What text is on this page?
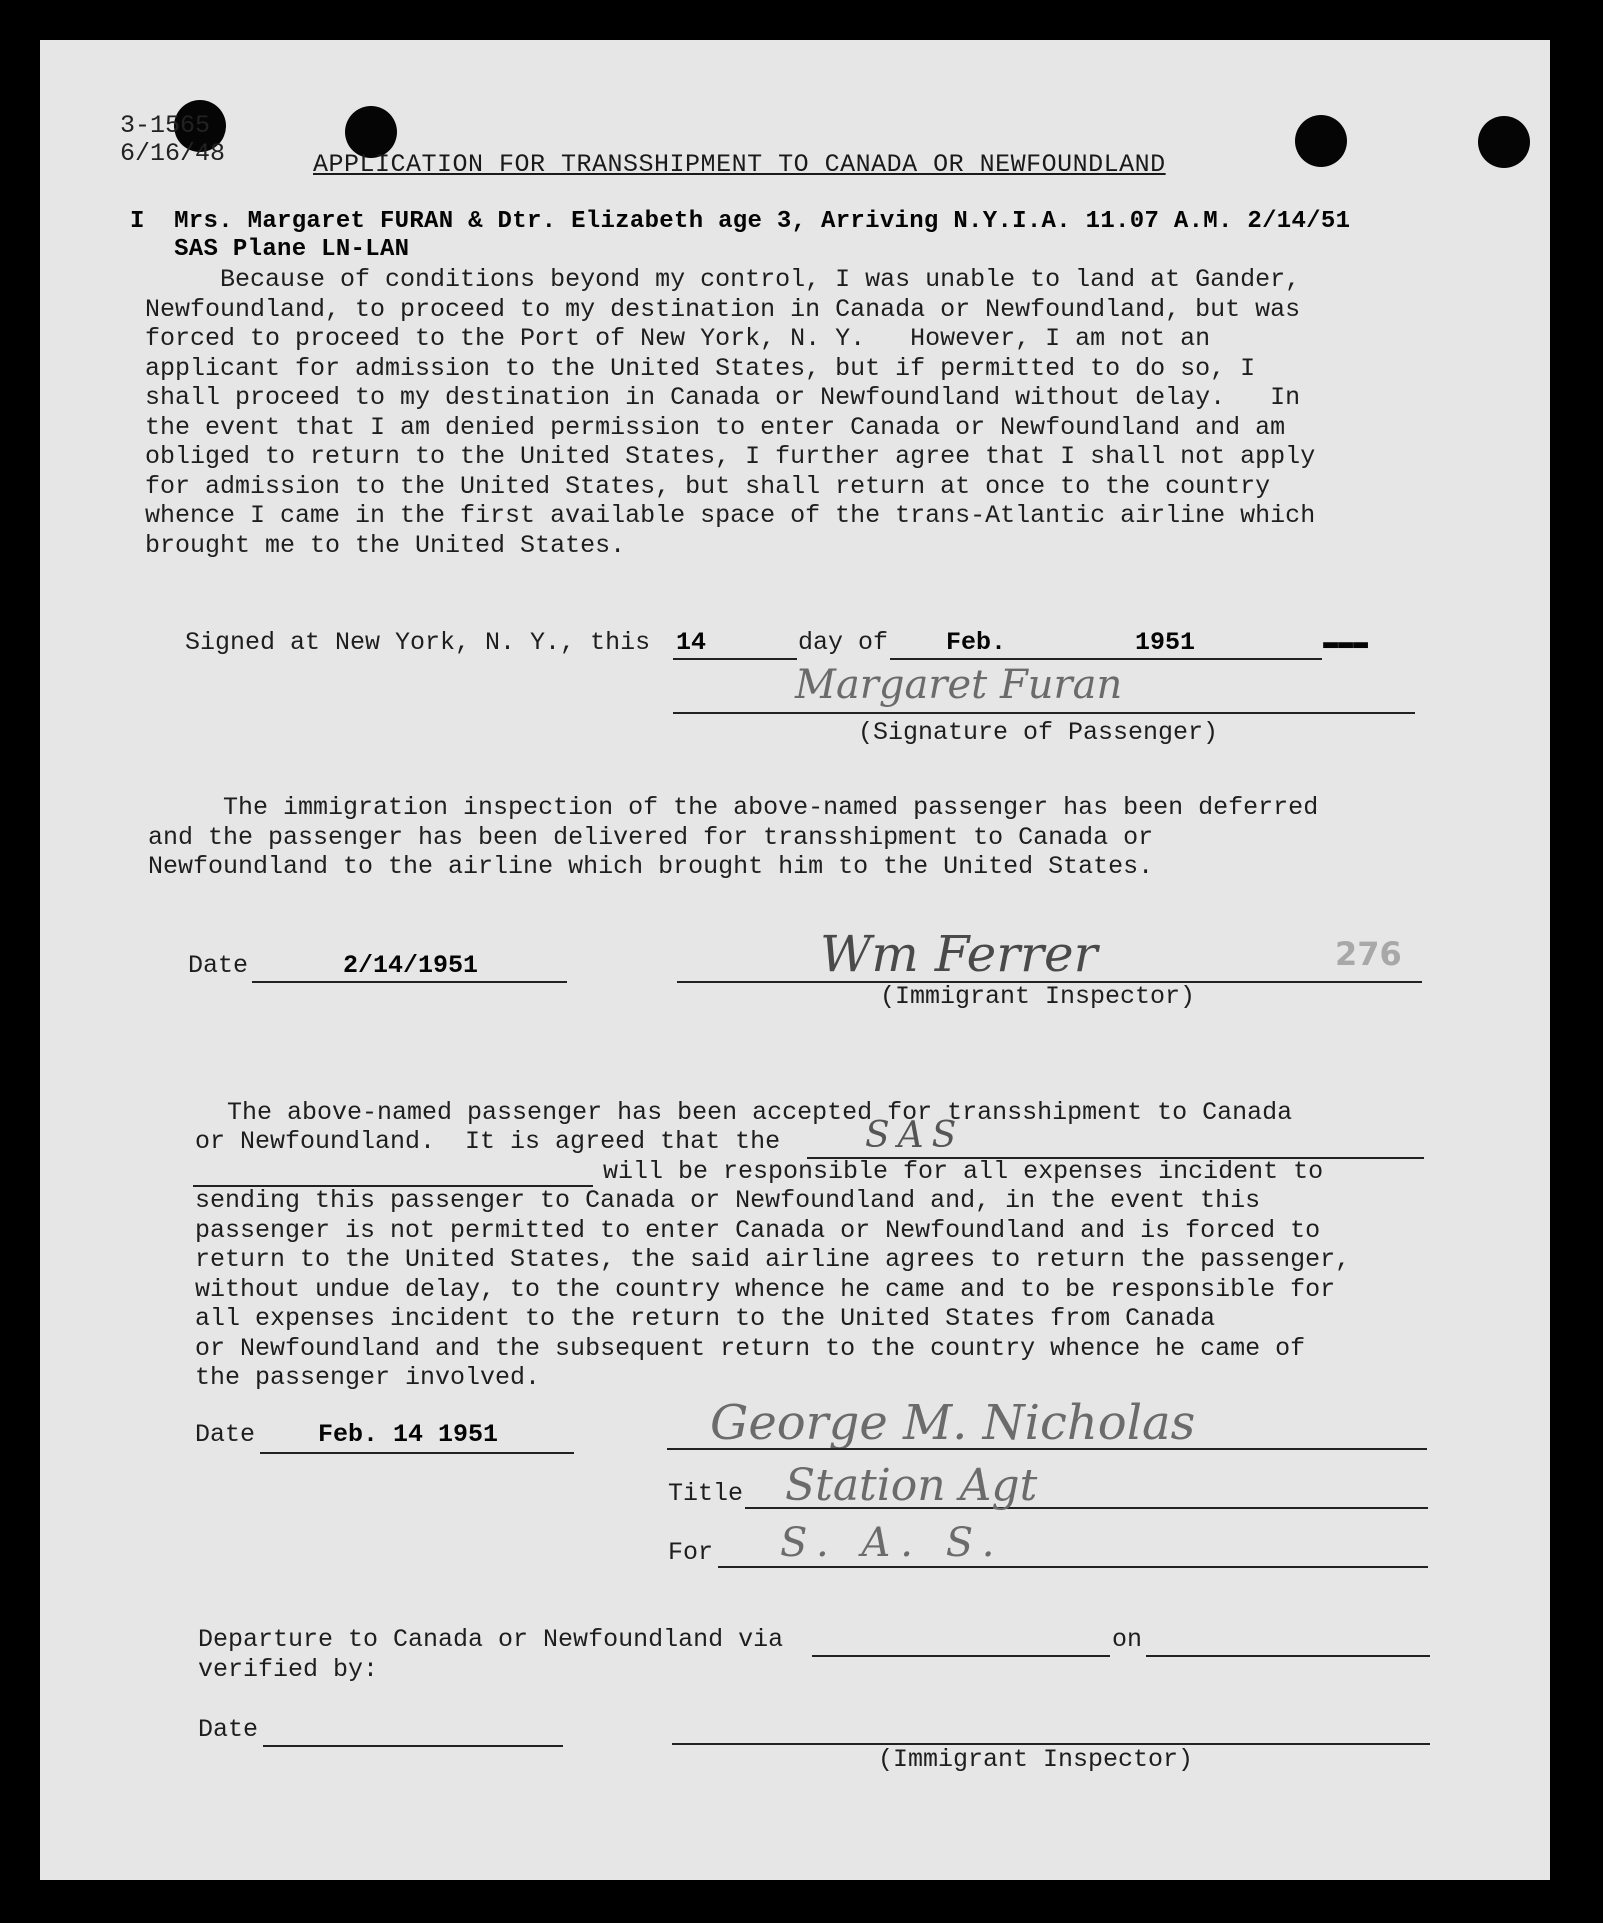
3-1565
6/16/48	APPLICATION FOR TRANSSHIPMENT TO CANADA OR NEWFOUNDLAND
I  Mrs. Margaret FURAN & Dtr. Elizabeth age 3, Arriving N.Y.I.A. 11.07 A.M. 2/14/51
SAS Plane LN-LAN
Because of conditions beyond my control, I was unable to land at Gander,
Newfoundland, to proceed to my destination in Canada or Newfoundland, but was
forced to proceed to the Port of New York, N. Y.   However, I am not an
applicant for admission to the United States, but if permitted to do so, I
shall proceed to my destination in Canada or Newfoundland without delay.   In
the event that I am denied permission to enter Canada or Newfoundland and am
obliged to return to the United States, I further agree that I shall not apply
for admission to the United States, but shall return at once to the country
whence I came in the first available space of the trans-Atlantic airline which
brought me to the United States.
Signed at New York, N. Y., this 14	day of Feb.	1951	▬▬▬
Margaret Furan
(Signature of Passenger)
The immigration inspection of the above-named passenger has been deferred
and the passenger has been delivered for transshipment to Canada or
Newfoundland to the airline which brought him to the United States.
Date	2/14/1951	Wm Ferrer	276
(Immigrant Inspector)
The above-named passenger has been accepted for transshipment to Canada
or Newfoundland.  It is agreed that the SAS
will be responsible for all expenses incident to
sending this passenger to Canada or Newfoundland and, in the event this
passenger is not permitted to enter Canada or Newfoundland and is forced to
return to the United States, the said airline agrees to return the passenger,
without undue delay, to the country whence he came and to be responsible for
all expenses incident to the return to the United States from Canada
or Newfoundland and the subsequent return to the country whence he came of
the passenger involved.
Date	Feb. 14 1951	George M. Nicholas
Title Station Agt
For S. A. S.
Departure to Canada or Newfoundland via	on
verified by:
Date
(Immigrant Inspector)
